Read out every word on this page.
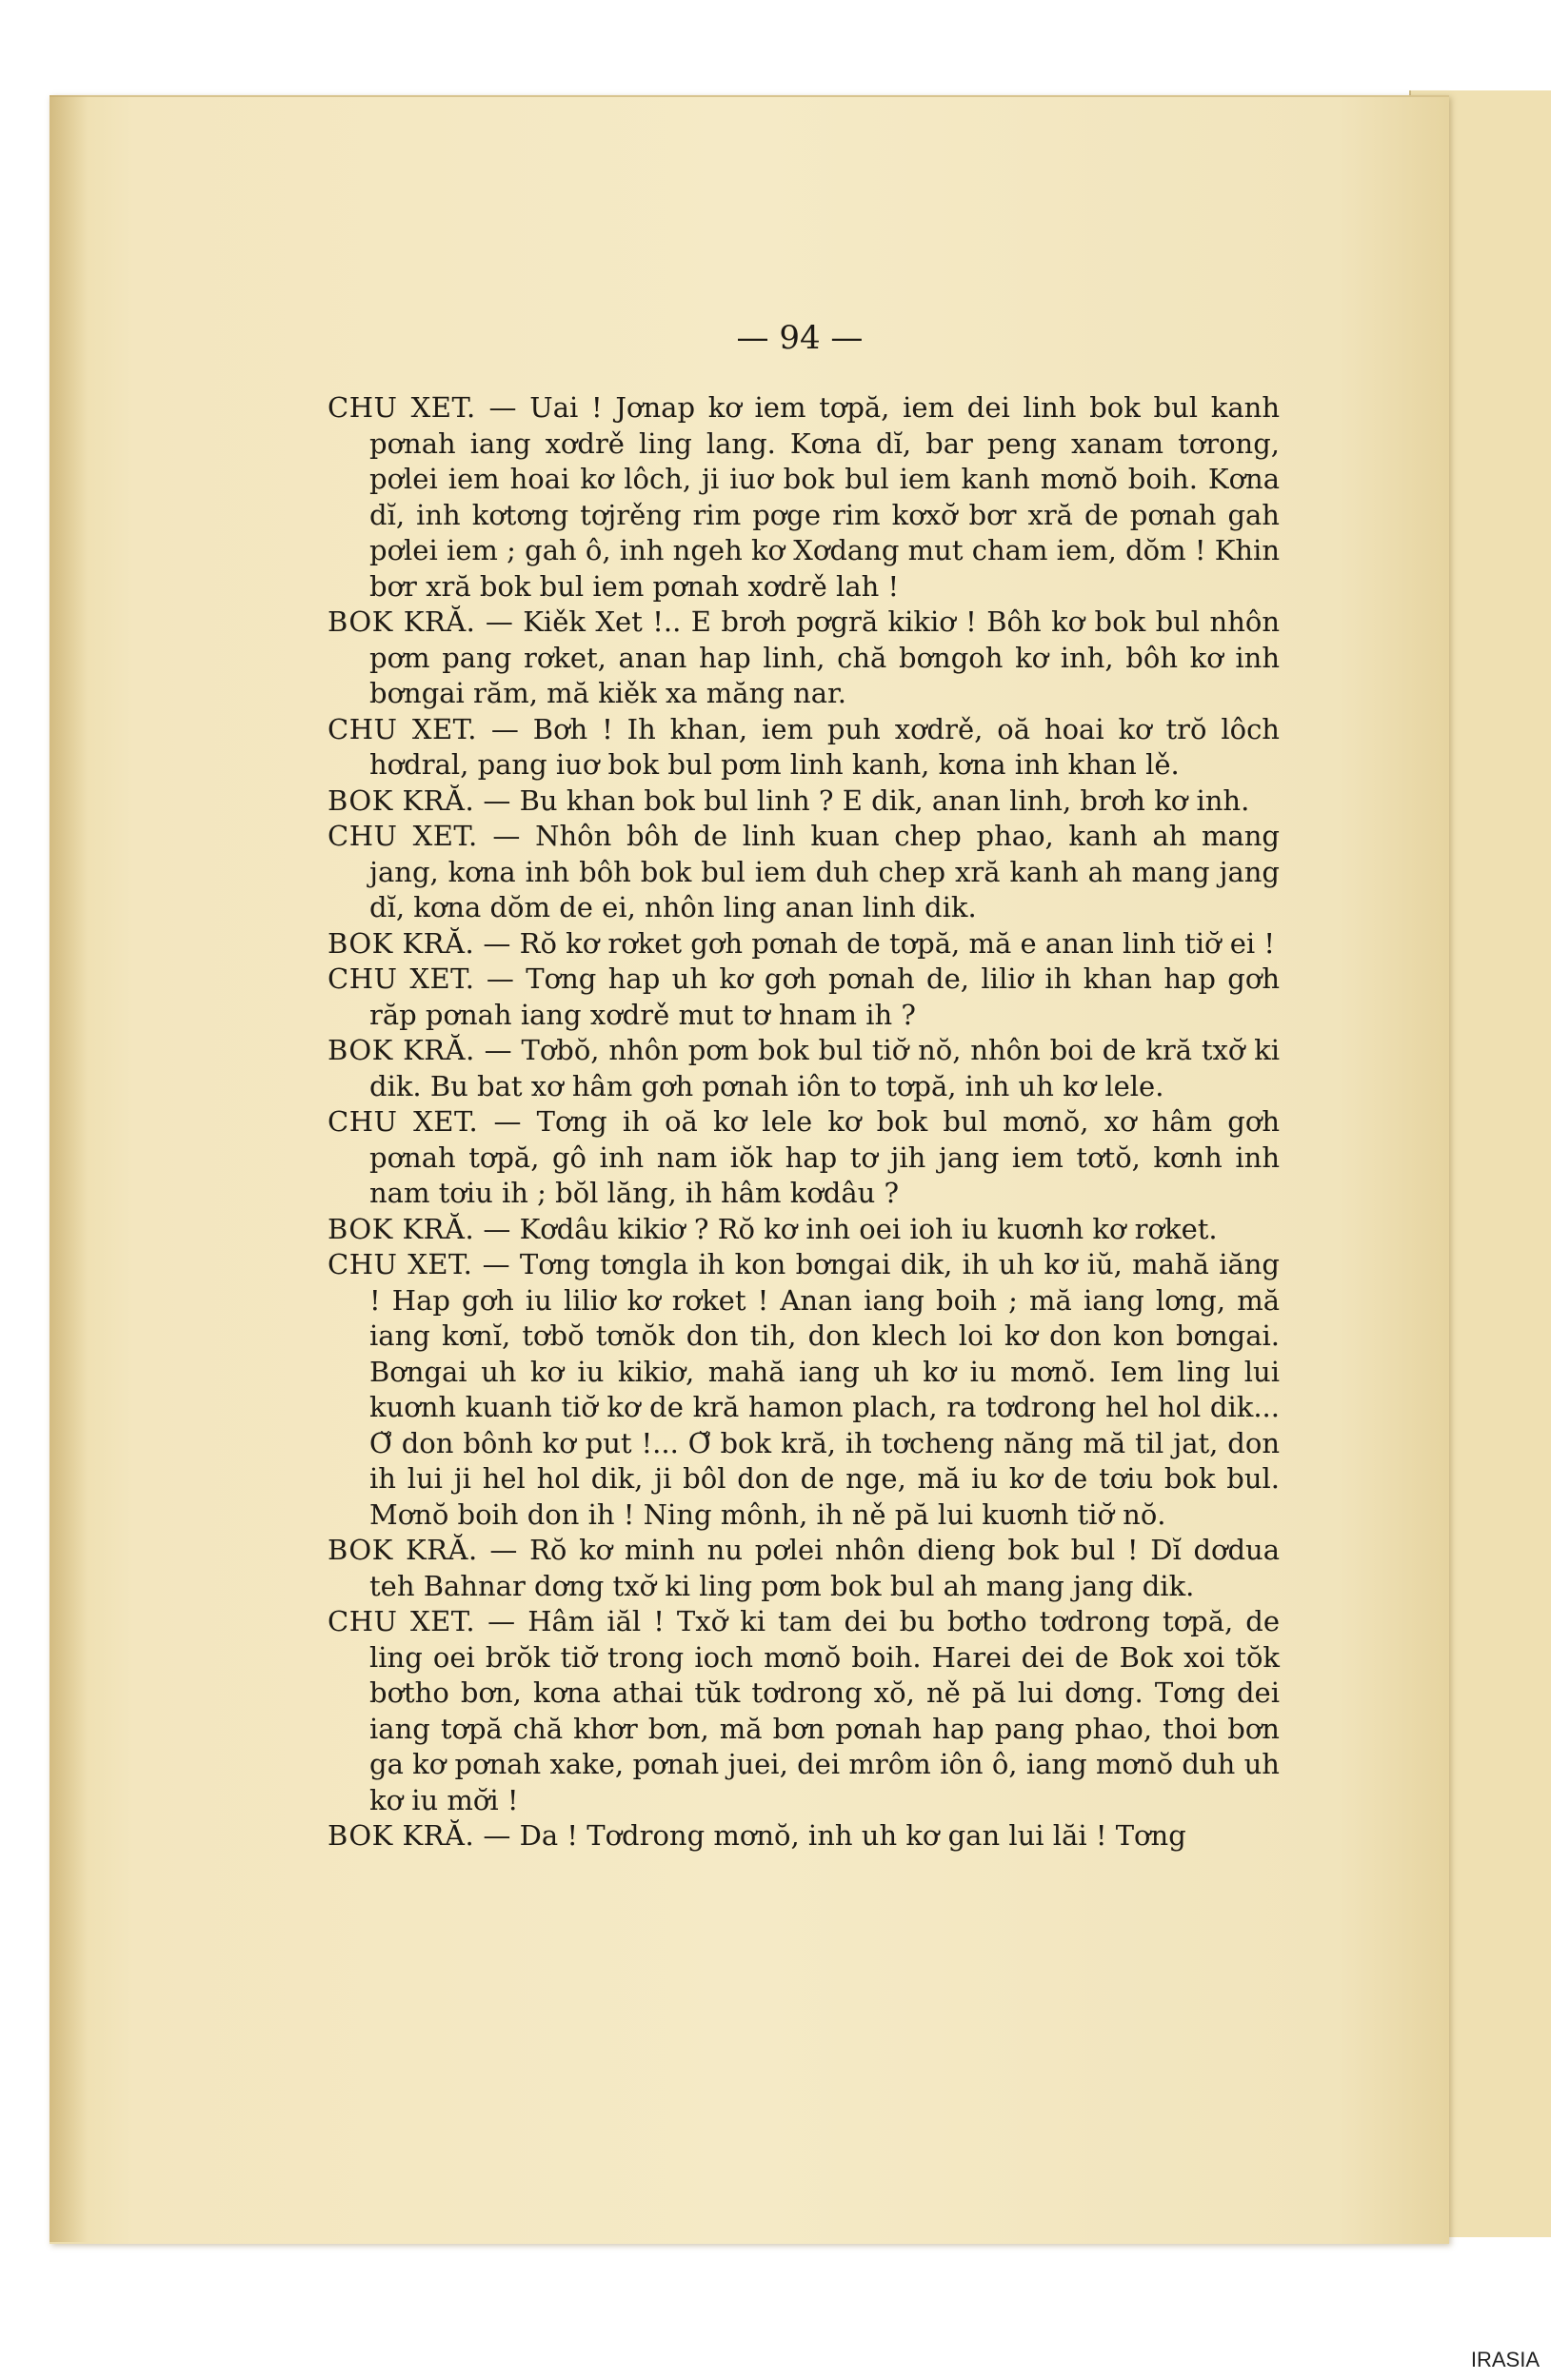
— 94 —

CHU XET. — Uai ! Jơnap kơ iem tơpă, iem dei linh bok bul kanh pơnah iang xơdrě ling lang. Kơna dĭ, bar peng xanam tơrong, pơlei iem hoai kơ lôch, ji iuơ bok bul iem kanh mơnŏ boih. Kơna dĭ, inh kơtơng tơjrěng rim pơge rim kơxơ̆ bơr xră de pơnah gah pơlei iem ; gah ô, inh ngeh kơ Xơdang mut cham iem, dŏm ! Khin bơr xră bok bul iem pơnah xơdrě lah !

BOK KRĂ. — Kiěk Xet !.. E brơh pơgră kikiơ ! Bôh kơ bok bul nhôn pơm pang rơket, anan hap linh, chă bơngoh kơ inh, bôh kơ inh bơngai răm, mă kiěk xa măng nar.

CHU XET. — Bơh ! Ih khan, iem puh xơdrě, oă hoai kơ trŏ lôch hơdral, pang iuơ bok bul pơm linh kanh, kơna inh khan lě.

BOK KRĂ. — Bu khan bok bul linh ? E dik, anan linh, brơh kơ inh.

CHU XET. — Nhôn bôh de linh kuan chep phao, kanh ah mang jang, kơna inh bôh bok bul iem duh chep xră kanh ah mang jang dĭ, kơna dŏm de ei, nhôn ling anan linh dik.

BOK KRĂ. — Rŏ kơ rơket gơh pơnah de tơpă, mă e anan linh tiơ̆ ei !

CHU XET. — Tơng hap uh kơ gơh pơnah de, liliơ ih khan hap gơh răp pơnah iang xơdrě mut tơ hnam ih ?

BOK KRĂ. — Tơbŏ, nhôn pơm bok bul tiơ̆ nŏ, nhôn boi de kră txơ̆ ki dik. Bu bat xơ hâm gơh pơnah iôn to tơpă, inh uh kơ lele.

CHU XET. — Tơng ih oă kơ lele kơ bok bul mơnŏ, xơ hâm gơh pơnah tơpă, gô inh nam iŏk hap tơ jih jang iem tơtŏ, kơnh inh nam tơiu ih ; bŏl lăng, ih hâm kơdâu ?

BOK KRĂ. — Kơdâu kikiơ ? Rŏ kơ inh oei ioh iu kuơnh kơ rơket.

CHU XET. — Tơng tơngla ih kon bơngai dik, ih uh kơ iŭ, mahă iăng ! Hap gơh iu liliơ kơ rơket ! Anan iang boih ; mă iang lơng, mă iang kơnĭ, tơbŏ tơnŏk don tih, don klech loi kơ don kon bơngai. Bơngai uh kơ iu kikiơ, mahă iang uh kơ iu mơnŏ. Iem ling lui kuơnh kuanh tiơ̆ kơ de kră hamon plach, ra tơdrong hel hol dik... Ơ̆ don bônh kơ put !... Ơ̆ bok kră, ih tơcheng năng mă til jat, don ih lui ji hel hol dik, ji bôl don de nge, mă iu kơ de tơiu bok bul. Mơnŏ boih don ih ! Ning mônh, ih ně pă lui kuơnh tiơ̆ nŏ.

BOK KRĂ. — Rŏ kơ minh nu pơlei nhôn dieng bok bul ! Dĭ dơdua teh Bahnar dơng txơ̆ ki ling pơm bok bul ah mang jang dik.

CHU XET. — Hâm iăl ! Txơ̆ ki tam dei bu bơtho tơdrong tơpă, de ling oei brŏk tiơ̆ trong ioch mơnŏ boih. Harei dei de Bok xoi tŏk bơtho bơn, kơna athai tŭk tơdrong xŏ, ně pă lui dơng. Tơng dei iang tơpă chă khơr bơn, mă bơn pơnah hap pang phao, thoi bơn ga kơ pơnah xake, pơnah juei, dei mrôm iôn ô, iang mơnŏ duh uh kơ iu mơ̆i !

BOK KRĂ. — Da ! Tơdrong mơnŏ, inh uh kơ gan lui lăi ! Tơng

IRASIA
